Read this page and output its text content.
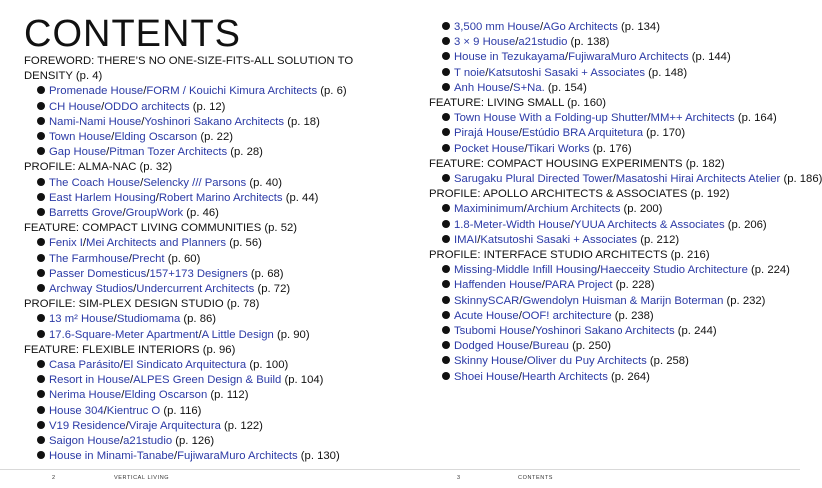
CONTENTS
FOREWORD: THERE’S NO ONE-SIZE-FITS-ALL SOLUTION TO DENSITY (p. 4)
Promenade House/FORM / Kouichi Kimura Architects (p. 6)
CH House/ODDO architects (p. 12)
Nami-Nami House/Yoshinori Sakano Architects (p. 18)
Town House/Elding Oscarson (p. 22)
Gap House/Pitman Tozer Architects (p. 28)
PROFILE: ALMA-NAC (p. 32)
The Coach House/Selencky /// Parsons (p. 40)
East Harlem Housing/Robert Marino Architects (p. 44)
Barretts Grove/GroupWork (p. 46)
FEATURE: COMPACT LIVING COMMUNITIES (p. 52)
Fenix I/Mei Architects and Planners (p. 56)
The Farmhouse/Precht (p. 60)
Passer Domesticus/157+173 Designers (p. 68)
Archway Studios/Undercurrent Architects (p. 72)
PROFILE: SIM-PLEX DESIGN STUDIO (p. 78)
13 m² House/Studiomama (p. 86)
17.6-Square-Meter Apartment/A Little Design (p. 90)
FEATURE: FLEXIBLE INTERIORS (p. 96)
Casa Parásito/El Sindicato Arquitectura (p. 100)
Resort in House/ALPES Green Design & Build (p. 104)
Nerima House/Elding Oscarson (p. 112)
House 304/Kientruc O (p. 116)
V19 Residence/Viraje Arquitectura (p. 122)
Saigon House/a21studio (p. 126)
House in Minami-Tanabe/FujiwaraMuro Architects (p. 130)
2	VERTICAL LIVING
3,500 mm House/AGo Architects (p. 134)
3 × 9 House/a21studio (p. 138)
House in Tezukayama/FujiwaraMuro Architects (p. 144)
T noie/Katsutoshi Sasaki + Associates (p. 148)
Anh House/S+Na. (p. 154)
FEATURE: LIVING SMALL (p. 160)
Town House With a Folding-up Shutter/MM++ Architects (p. 164)
Pirajá House/Estúdio BRA Arquitetura (p. 170)
Pocket House/Tikari Works (p. 176)
FEATURE: COMPACT HOUSING EXPERIMENTS (p. 182)
Sarugaku Plural Directed Tower/Masatoshi Hirai Architects Atelier (p. 186)
PROFILE: APOLLO ARCHITECTS & ASSOCIATES (p. 192)
Maximinimum/Archium Architects (p. 200)
1.8-Meter-Width House/YUUA Architects & Associates (p. 206)
IMAI/Katsutoshi Sasaki + Associates (p. 212)
PROFILE: INTERFACE STUDIO ARCHITECTS (p. 216)
Missing-Middle Infill Housing/Haecceity Studio Architecture (p. 224)
Haffenden House/PARA Project (p. 228)
SkinnySCAR/Gwendolyn Huisman & Marijn Boterman (p. 232)
Acute House/OOF! architecture (p. 238)
Tsubomi House/Yoshinori Sakano Architects (p. 244)
Dodged House/Bureau (p. 250)
Skinny House/Oliver du Puy Architects (p. 258)
Shoei House/Hearth Architects (p. 264)
3	CONTENTS
